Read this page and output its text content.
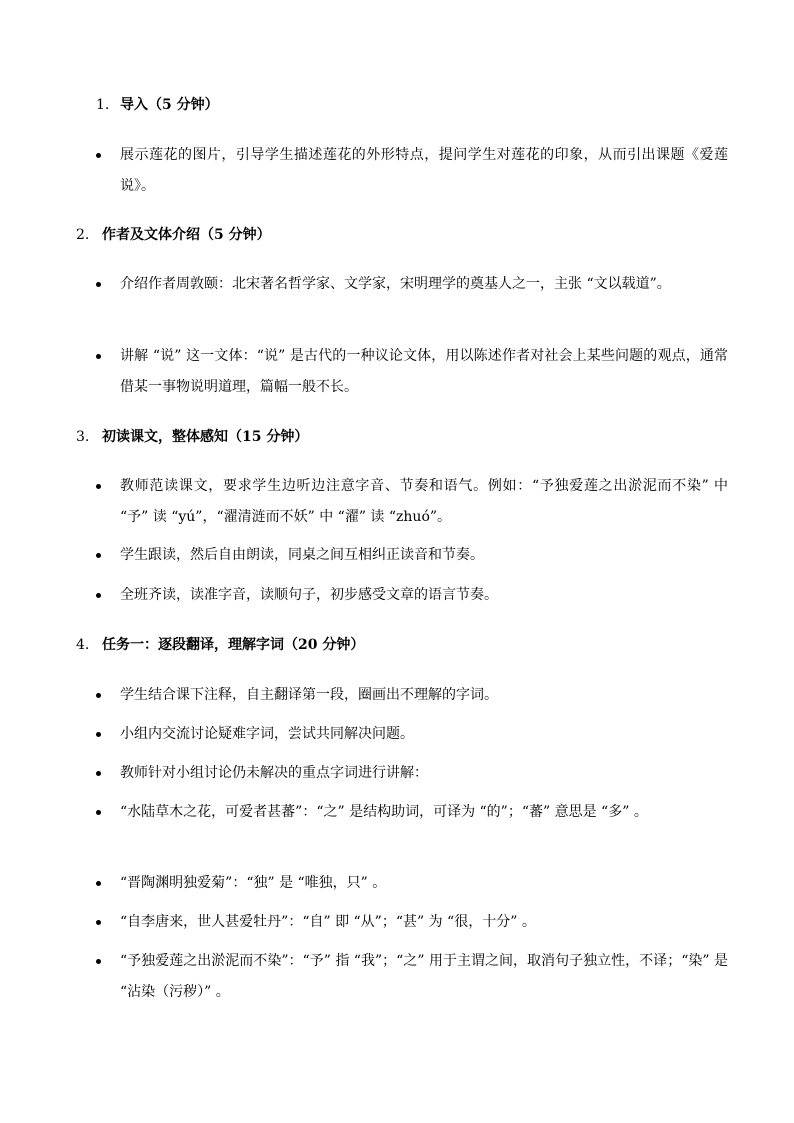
1. 导入（5 分钟）
展示莲花的图片，引导学生描述莲花的外形特点，提问学生对莲花的印象，从而引出课题《爱莲说》。
2. 作者及文体介绍（5 分钟）
介绍作者周敦颐：北宋著名哲学家、文学家，宋明理学的奠基人之一，主张 “文以载道”。
讲解 “说” 这一文体：“说” 是古代的一种议论文体，用以陈述作者对社会上某些问题的观点，通常借某一事物说明道理，篇幅一般不长。
3. 初读课文，整体感知（15 分钟）
教师范读课文，要求学生边听边注意字音、节奏和语气。例如：“予独爱莲之出淤泥而不染” 中 “予” 读 “yú”，“濯清涟而不妖” 中 “濯” 读 “zhuó”。
学生跟读，然后自由朗读，同桌之间互相纠正读音和节奏。
全班齐读，读准字音，读顺句子，初步感受文章的语言节奏。
4. 任务一：逐段翻译，理解字词（20 分钟）
学生结合课下注释，自主翻译第一段，圈画出不理解的字词。
小组内交流讨论疑难字词，尝试共同解决问题。
教师针对小组讨论仍未解决的重点字词进行讲解：
“水陆草木之花，可爱者甚蕃”：“之” 是结构助词，可译为 “的”；“蕃” 意思是 “多” 。
“晋陶渊明独爱菊”：“独” 是 “唯独，只” 。
“自李唐来，世人甚爱牡丹”：“自” 即 “从”；“甚” 为 “很，十分” 。
“予独爱莲之出淤泥而不染”：“予” 指 “我”；“之” 用于主谓之间，取消句子独立性，不译；“染” 是 “沾染（污秽）” 。
